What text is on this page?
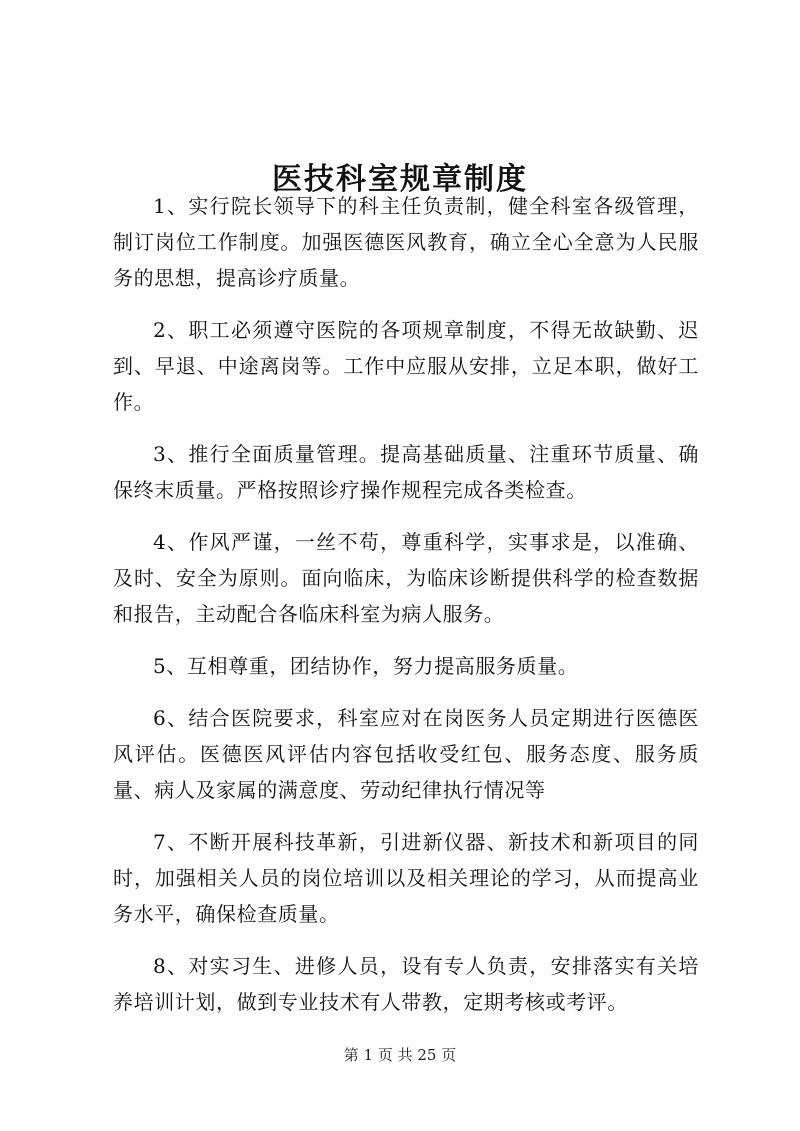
医技科室规章制度

1、实行院长领导下的科主任负责制，健全科室各级管理，制订岗位工作制度。加强医德医风教育，确立全心全意为人民服务的思想，提高诊疗质量。

2、职工必须遵守医院的各项规章制度，不得无故缺勤、迟到、早退、中途离岗等。工作中应服从安排，立足本职，做好工作。

3、推行全面质量管理。提高基础质量、注重环节质量、确保终末质量。严格按照诊疗操作规程完成各类检查。

4、作风严谨，一丝不苟，尊重科学，实事求是，以准确、及时、安全为原则。面向临床，为临床诊断提供科学的检查数据和报告，主动配合各临床科室为病人服务。

5、互相尊重，团结协作，努力提高服务质量。

6、结合医院要求，科室应对在岗医务人员定期进行医德医风评估。医德医风评估内容包括收受红包、服务态度、服务质量、病人及家属的满意度、劳动纪律执行情况等

7、不断开展科技革新，引进新仪器、新技术和新项目的同时，加强相关人员的岗位培训以及相关理论的学习，从而提高业务水平，确保检查质量。

8、对实习生、进修人员，设有专人负责，安排落实有关培养培训计划，做到专业技术有人带教，定期考核或考评。

第 1 页 共 25 页
